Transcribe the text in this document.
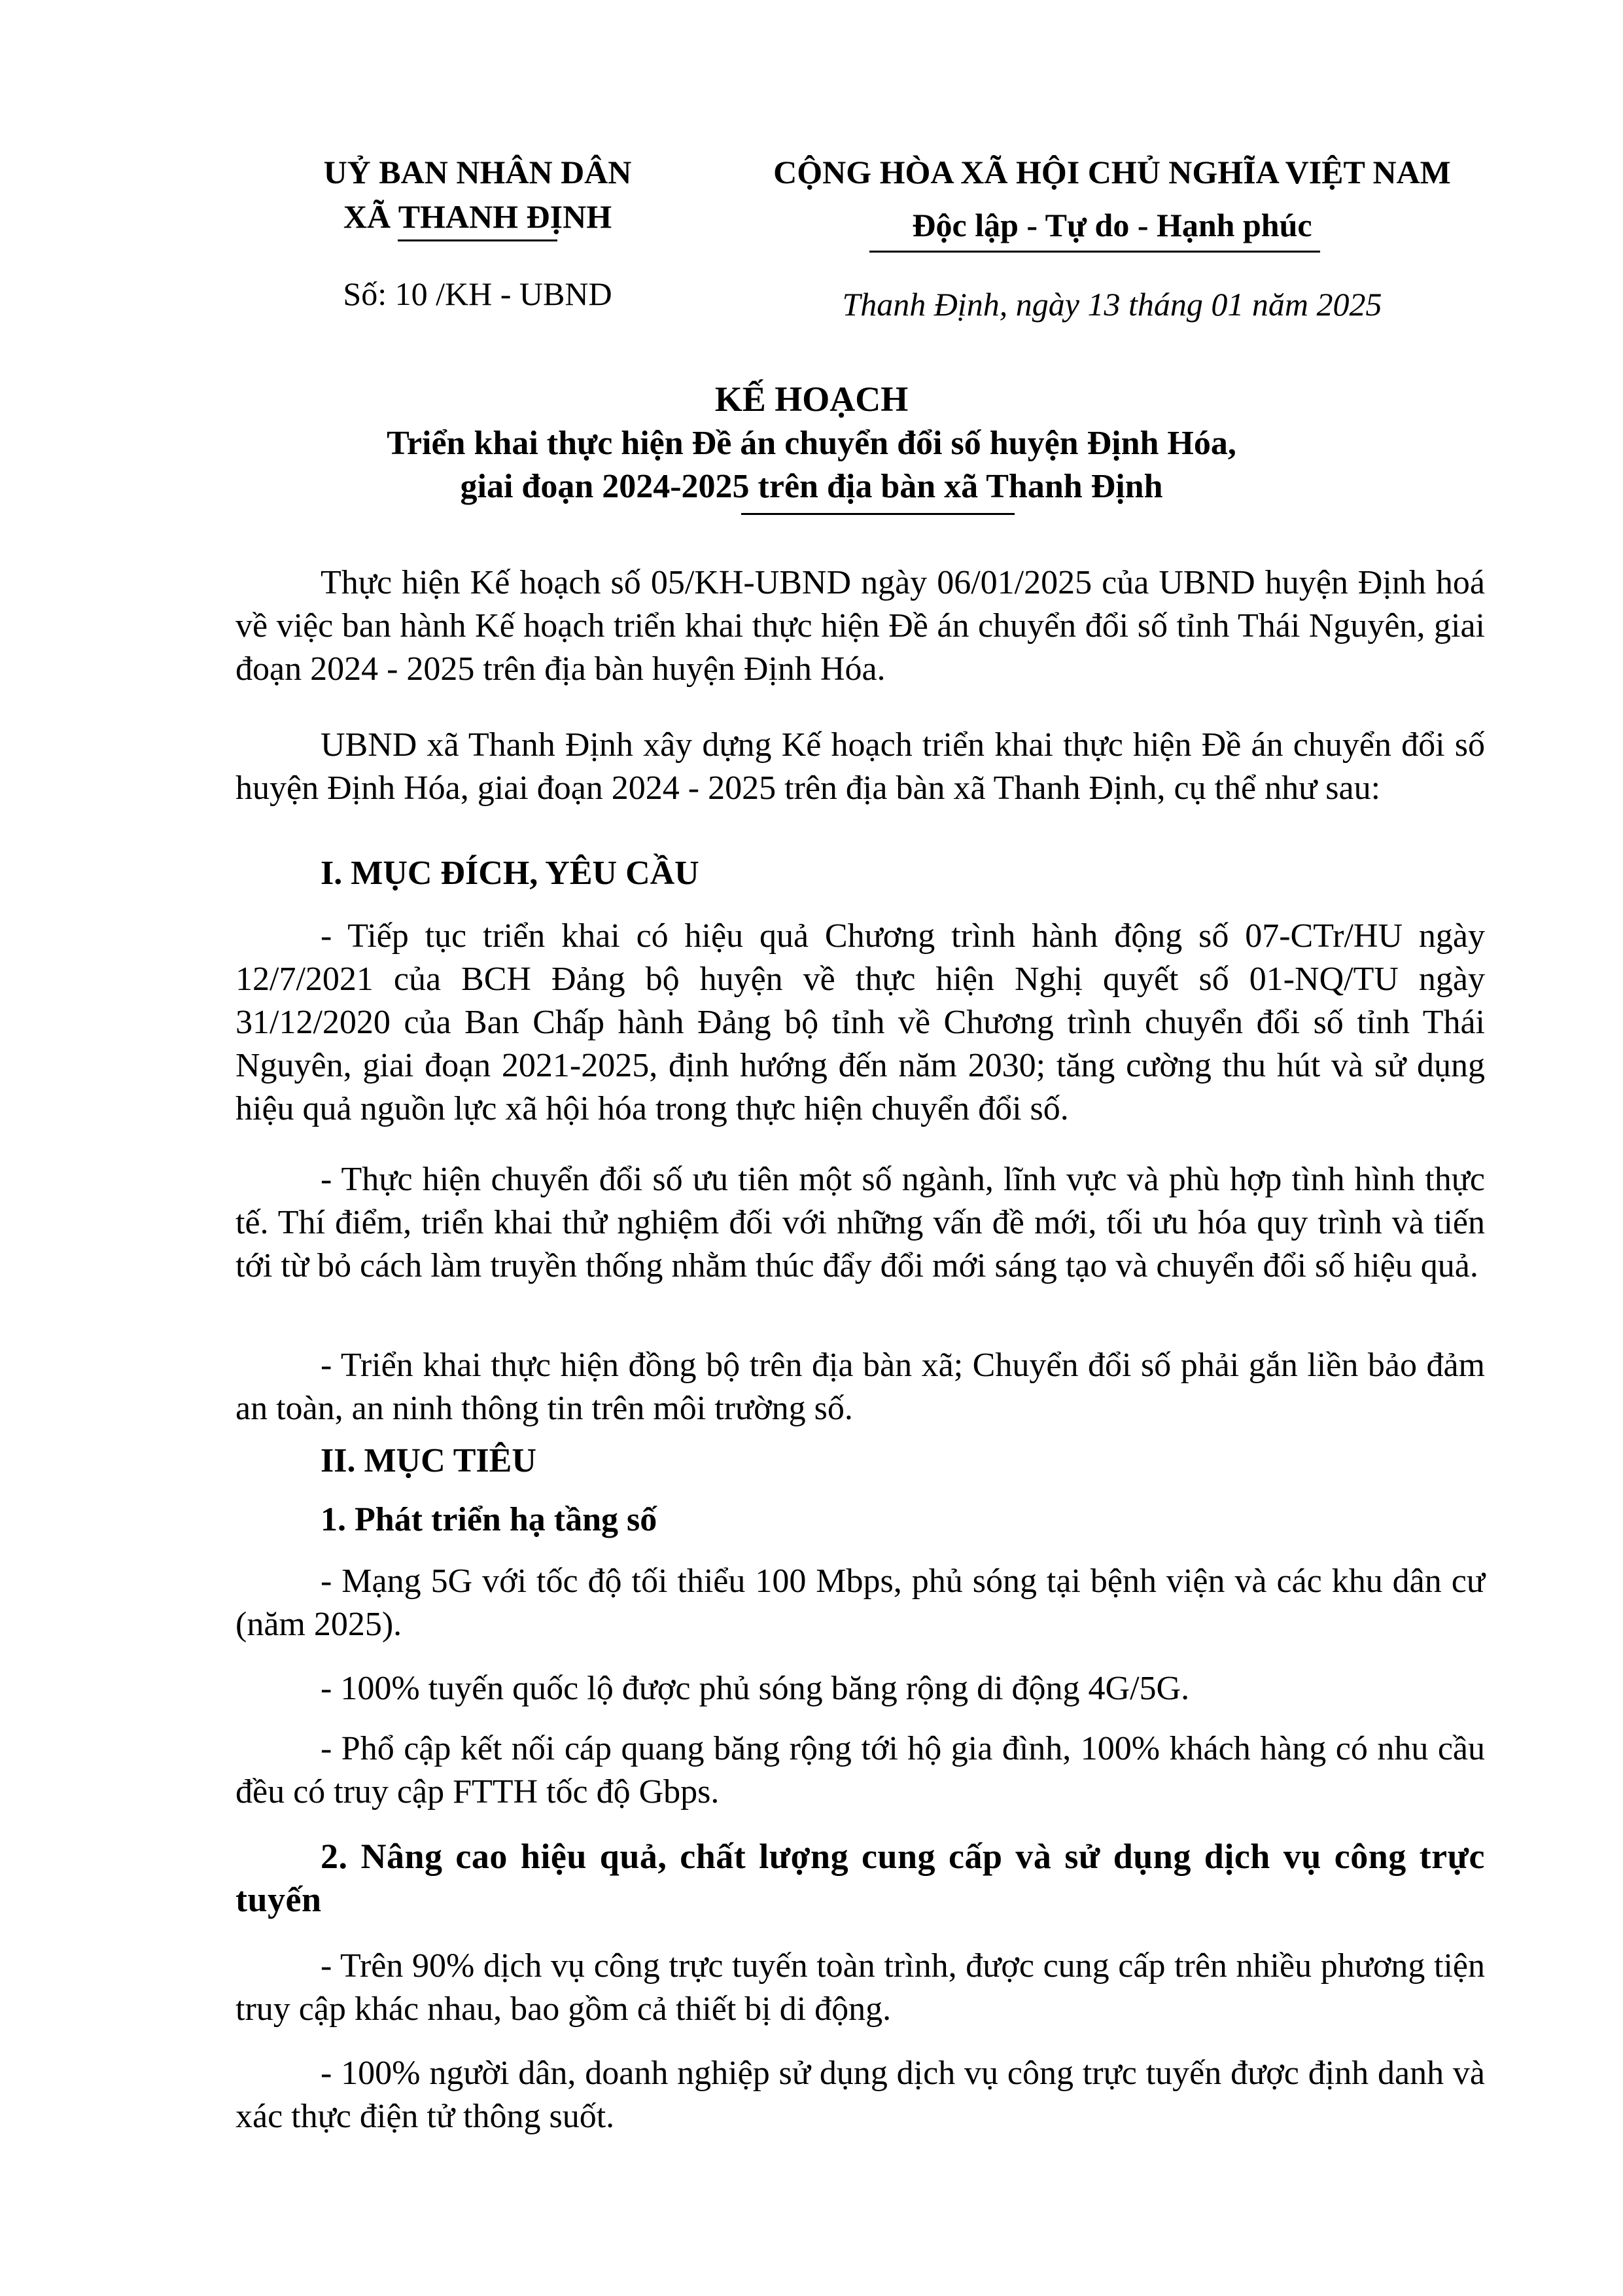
UỶ BAN NHÂN DÂN
XÃ THANH ĐỊNH
Số: 10 /KH - UBND
CỘNG HÒA XÃ HỘI CHỦ NGHĨA VIỆT NAM
Độc lập - Tự do - Hạnh phúc
Thanh Định, ngày 13 tháng 01 năm 2025
KẾ HOẠCH
Triển khai thực hiện Đề án chuyển đổi số huyện Định Hóa,
giai đoạn 2024-2025 trên địa bàn xã Thanh Định
Thực hiện Kế hoạch số 05/KH-UBND ngày 06/01/2025 của UBND huyện Định hoá về việc ban hành Kế hoạch triển khai thực hiện Đề án chuyển đổi số tỉnh Thái Nguyên, giai đoạn 2024 - 2025 trên địa bàn huyện Định Hóa.
UBND xã Thanh Định xây dựng Kế hoạch triển khai thực hiện Đề án chuyển đổi số huyện Định Hóa, giai đoạn 2024 - 2025 trên địa bàn xã Thanh Định, cụ thể như sau:
I. MỤC ĐÍCH, YÊU CẦU
- Tiếp tục triển khai có hiệu quả Chương trình hành động số 07-CTr/HU ngày 12/7/2021 của BCH Đảng bộ huyện về thực hiện Nghị quyết số 01-NQ/TU ngày 31/12/2020 của Ban Chấp hành Đảng bộ tỉnh về Chương trình chuyển đổi số tỉnh Thái Nguyên, giai đoạn 2021-2025, định hướng đến năm 2030; tăng cường thu hút và sử dụng hiệu quả nguồn lực xã hội hóa trong thực hiện chuyển đổi số.
- Thực hiện chuyển đổi số ưu tiên một số ngành, lĩnh vực và phù hợp tình hình thực tế. Thí điểm, triển khai thử nghiệm đối với những vấn đề mới, tối ưu hóa quy trình và tiến tới từ bỏ cách làm truyền thống nhằm thúc đẩy đổi mới sáng tạo và chuyển đổi số hiệu quả.
- Triển khai thực hiện đồng bộ trên địa bàn xã; Chuyển đổi số phải gắn liền bảo đảm an toàn, an ninh thông tin trên môi trường số.
II. MỤC TIÊU
1. Phát triển hạ tầng số
- Mạng 5G với tốc độ tối thiểu 100 Mbps, phủ sóng tại bệnh viện và các khu dân cư (năm 2025).
- 100% tuyến quốc lộ được phủ sóng băng rộng di động 4G/5G.
- Phổ cập kết nối cáp quang băng rộng tới hộ gia đình, 100% khách hàng có nhu cầu đều có truy cập FTTH tốc độ Gbps.
2. Nâng cao hiệu quả, chất lượng cung cấp và sử dụng dịch vụ công trực tuyến
- Trên 90% dịch vụ công trực tuyến toàn trình, được cung cấp trên nhiều phương tiện truy cập khác nhau, bao gồm cả thiết bị di động.
- 100% người dân, doanh nghiệp sử dụng dịch vụ công trực tuyến được định danh và xác thực điện tử thông suốt.
